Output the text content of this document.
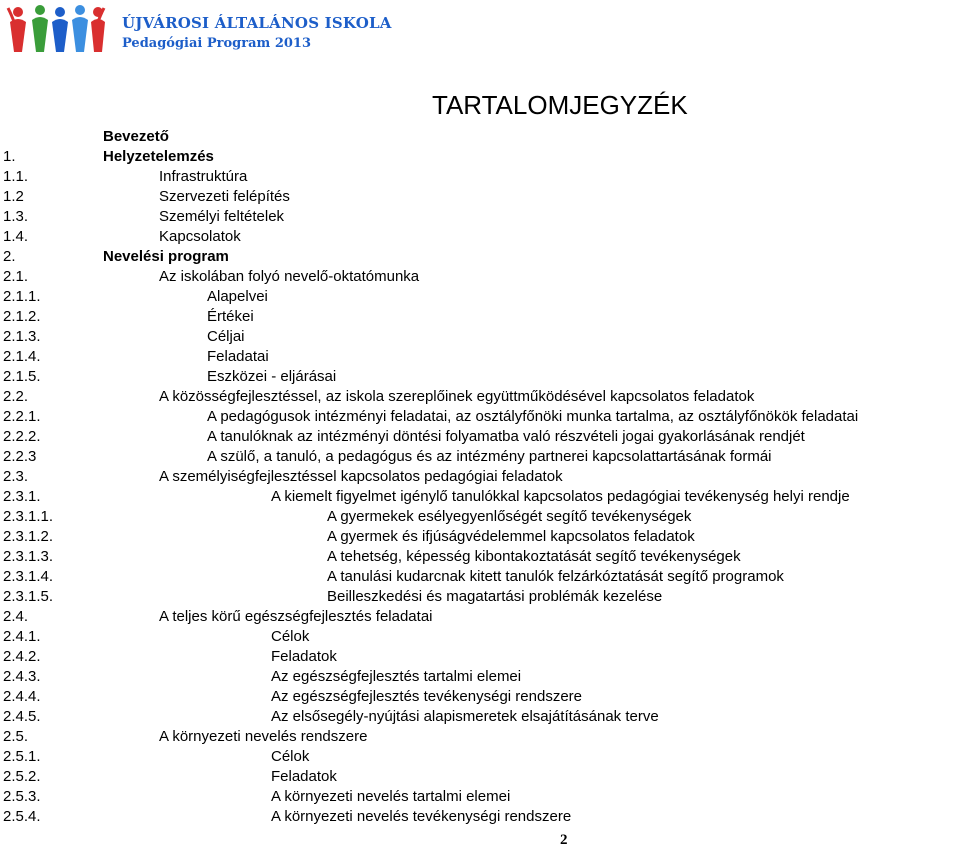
ÚJVÁROSI ÁLTALÁNOS ISKOLA
Pedagógiai Program 2013
TARTALOMJEGYZÉK
Bevezető
1.	Helyzetelemzés
1.1.	Infrastruktúra
1.2	Szervezeti felépítés
1.3.	Személyi feltételek
1.4.	Kapcsolatok
2.	Nevelési program
2.1.	Az iskolában folyó nevelő-oktatómunka
2.1.1.	Alapelvei
2.1.2.	Értékei
2.1.3.	Céljai
2.1.4.	Feladatai
2.1.5.	Eszközei - eljárásai
2.2.	A közösségfejlesztéssel, az iskola szereplőinek együttműködésével kapcsolatos feladatok
2.2.1.	A pedagógusok intézményi feladatai, az osztályfőnöki munka tartalma, az osztályfőnökök feladatai
2.2.2.	A tanulóknak az intézményi döntési folyamatba való részvételi jogai gyakorlásának rendjét
2.2.3	A szülő, a tanuló, a pedagógus és az intézmény partnerei kapcsolattartásának formái
2.3.	A személyiségfejlesztéssel kapcsolatos pedagógiai feladatok
2.3.1.	A kiemelt figyelmet igénylő tanulókkal kapcsolatos pedagógiai tevékenység helyi rendje
2.3.1.1.	A gyermekek esélyegyenlőségét segítő tevékenységek
2.3.1.2.	A gyermek és ifjúságvédelemmel kapcsolatos feladatok
2.3.1.3.	A tehetség, képesség kibontakoztatását segítő tevékenységek
2.3.1.4.	A tanulási kudarcnak kitett tanulók felzárkóztatását segítő programok
2.3.1.5.	Beilleszkedési és magatartási problémák kezelése
2.4.	A teljes körű egészségfejlesztés feladatai
2.4.1.	Célok
2.4.2.	Feladatok
2.4.3.	Az egészségfejlesztés tartalmi elemei
2.4.4.	Az egészségfejlesztés tevékenységi rendszere
2.4.5.	Az elsősegély-nyújtási alapismeretek elsajátításának terve
2.5.	A környezeti nevelés rendszere
2.5.1.	Célok
2.5.2.	Feladatok
2.5.3.	A környezeti nevelés tartalmi elemei
2.5.4.	A környezeti nevelés tevékenységi rendszere
2
